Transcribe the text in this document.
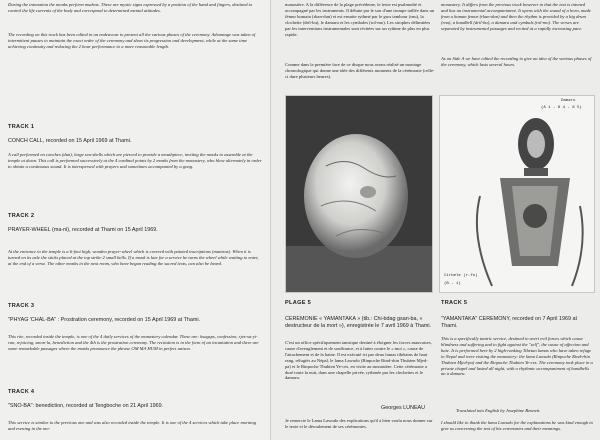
During the intonation the monks perform mudras. These are mystic signs expressed by a position of the hand and fingers, destined to control the life currents of the body and correspond to determined mental attitudes.

The recording on this track has been edited in an endeavour to present all the various phases of the ceremony. Advantage was taken of intermittent pauses to maintain the exact order of the ceremony and show its progression and development, while at the same time achieving continuity and reducing the 2 hour performance to a more reasonable length.

TRACK 1
CONCH CALL, recorded on 15 April 1969 at Thami.

A call performed on conches (dun), large sea-shells which are pierced to provide a mouthpiece, inviting the monks to assemble at the temple at dawn. This call is performed successively at the 4 cardinal points by 2 monks from the monastery, who blow alternately in order to obtain a continuous sound. It is interspersed with prayers and sometimes accompanied by a gong.

TRACK 2
PRAYER-WHEEL (ma-ni), recorded at Thami on 15 April 1969.

At the entrance to the temple is a 6-foot high, wooden prayer-wheel which is covered with painted inscriptions (mantras). When it is turned on its axle the sticks placed at the top strike 2 small bells. If a monk is late for a service he turns the wheel while waiting to enter, at the end of a verse. The other monks in the next room, who have begun reading the sacred texts, can also be heard.

TRACK 3
"PHYAG 'CHAL-BA" : Prostration ceremony, recorded on 15 April 1969 at Thami.

This rite, recorded inside the temple, is one of the 4 daily services of the monastery calendar. These are: hsagsps, confession, rjes-su-yi-ran, rejoicing, smon-la, benediction and the 4th is the prostration ceremony. The recitation is in the form of an incantation and there are some remarkable passages where the monks pronounce the phrase OM MA HUM in perfect unison.

TRACK 4
"SNO-BA": benediction, recorded at Tengboche on 21 April 1969.

This service is similar to the previous one and was also recorded inside the temple. It is one of the 4 services which take place morning and evening in the mo-

manastère. A la différence de la plage précédente, le texte est psalmodié et accompagné par les instruments. Il débute par le son d'une trompe taillée dans un fémur humain (rkan-dun) et est ensuite rythmé par le gros tambour (rnu), la clochette (dril-bu), le damaru et les cymbales (rol-mo). Les strophes délimitées par les interventions instrumentales sont récitées sur un rythme de plus en plus rapide.

Comme dans la première face de ce disque nous avons réalisé un montage chronologique qui donne une idée des différents moments de la cérémonie (celle-ci dure plusieurs heures).

monastery. It differs from the previous track however in that the text is intoned and has an instrumental accompaniment. It opens with the sound of a horn, made from a human femur (rkan-dun) and then the rhythm is provided by a big drum (rna), a handbell (dril-bu), a damaru and cymbals (rol-mo). The verses are separated by instrumental passages and recited at a rapidly increasing pace.

As on Side A we have edited the recording to give an idea of the various phases of the ceremony, which lasts several hours.

Damaru
(A 1 - 8 4 - 8 5)
Cirbele (r-fo)
(B - 1)
PLAGE 5
CEREMONIE « YAMANTAKA » (tib.: Chi-bdag gsan-ba, « destructeur de la mort »), enregistrée le 7 avril 1969 à Thami.

C'est un office spécifiquement tantrique destiné à éloigner les forces mauvaises, cause d'aveuglement et de souffrance, et à lutter contre le « moi », cause de l'attachement et de la haine. Il est exécuté ici par deux lamas tibétains de haut rang, réfugiés au Népal, le lama Lawudo (Rinpoche Rind-rhin Thubten Mjed-pa) et le Rinpoche Thubten Ye-ces, en visite au monastère. Cette cérémonie a duré toute la nuit, dans une chapelle privée, rythmée par les clochettes et le damaru.

Georges LUNEAU

Je remercie le Lama Lawudo des explications qu'il a bien voulu nous donner sur le texte et le déroulement de ses cérémonies.

TRACK 5
"YAMANTAKA" CEREMONY, recorded on 7 April 1969 at Thami.

This is a specifically tantric service, destined to avert evil forces which cause blindness and suffering and to fight against the "self", the cause of affection and hate. It is performed here by 2 high-ranking Tibetan lamas who have taken refuge in Nepal and were visiting the monastery: the lama Lawudo (Rinpoche Rind-rhin Thubten Mjed-pa) and the Rinpoche Thubten Ye-ces. The ceremony took place in a private chapel and lasted all night, with a rhythmic accompaniment of handbells an a damaru.

Translated into English by Josephine Bennett.

I should like to thank the lama Lawudo for the explanations he was kind enough to give us concerning the text of his ceremonies and their meanings.
